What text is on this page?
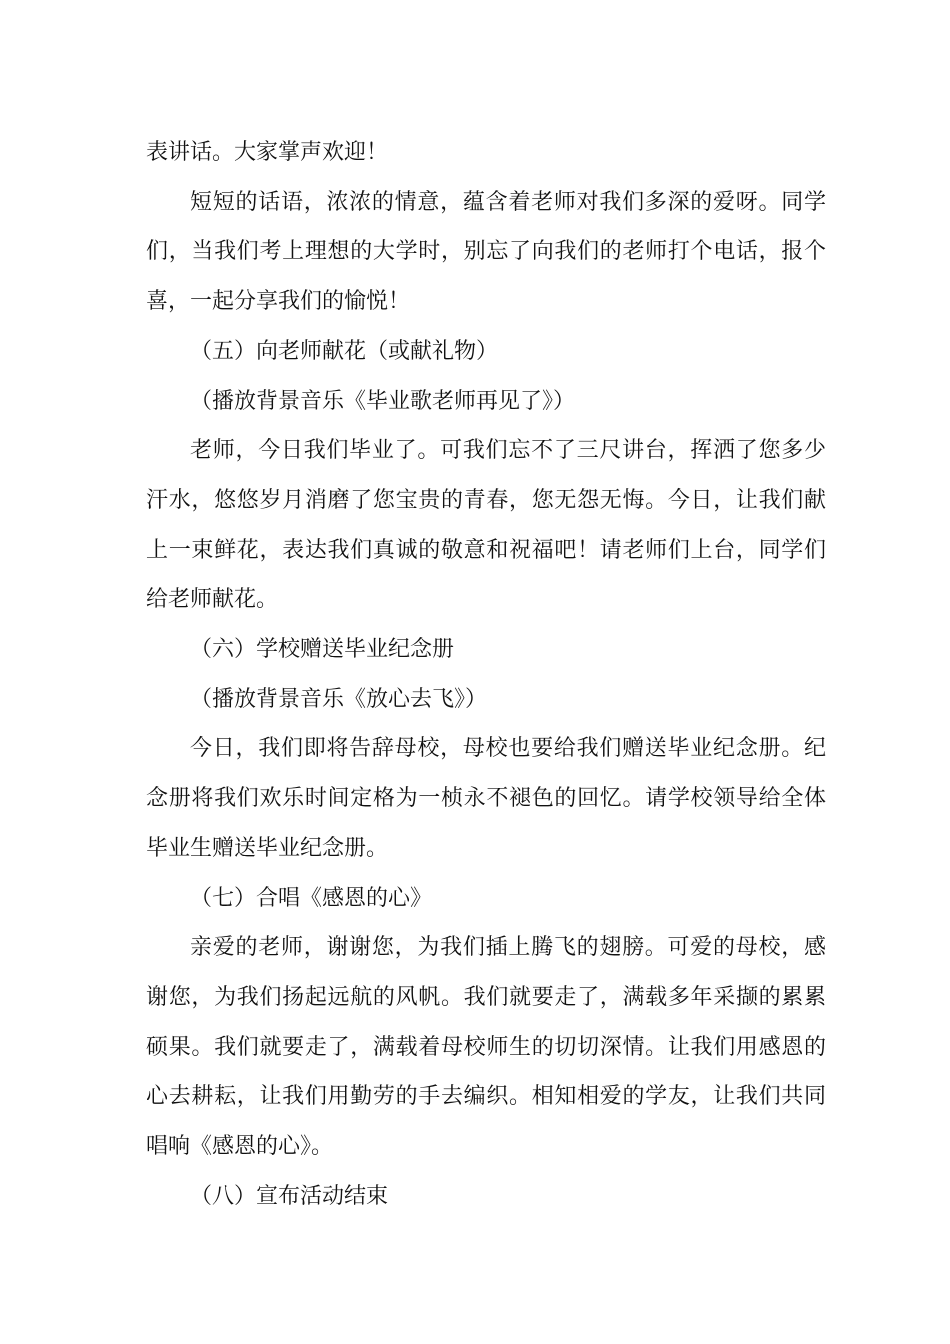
表讲话。大家掌声欢迎！

短短的话语，浓浓的情意，蕴含着老师对我们多深的爱呀。同学们，当我们考上理想的大学时，别忘了向我们的老师打个电话，报个喜，一起分享我们的愉悦！

（五）向老师献花（或献礼物）

（播放背景音乐《毕业歌老师再见了》）

老师，今日我们毕业了。可我们忘不了三尺讲台，挥洒了您多少汗水，悠悠岁月消磨了您宝贵的青春，您无怨无悔。今日，让我们献上一束鲜花，表达我们真诚的敬意和祝福吧！请老师们上台，同学们给老师献花。

（六）学校赠送毕业纪念册

（播放背景音乐《放心去飞》）

今日，我们即将告辞母校，母校也要给我们赠送毕业纪念册。纪念册将我们欢乐时间定格为一桢永不褪色的回忆。请学校领导给全体毕业生赠送毕业纪念册。

（七）合唱《感恩的心》

亲爱的老师，谢谢您，为我们插上腾飞的翅膀。可爱的母校，感谢您，为我们扬起远航的风帆。我们就要走了，满载多年采撷的累累硕果。我们就要走了，满载着母校师生的切切深情。让我们用感恩的心去耕耘，让我们用勤劳的手去编织。相知相爱的学友，让我们共同唱响《感恩的心》。

（八）宣布活动结束
